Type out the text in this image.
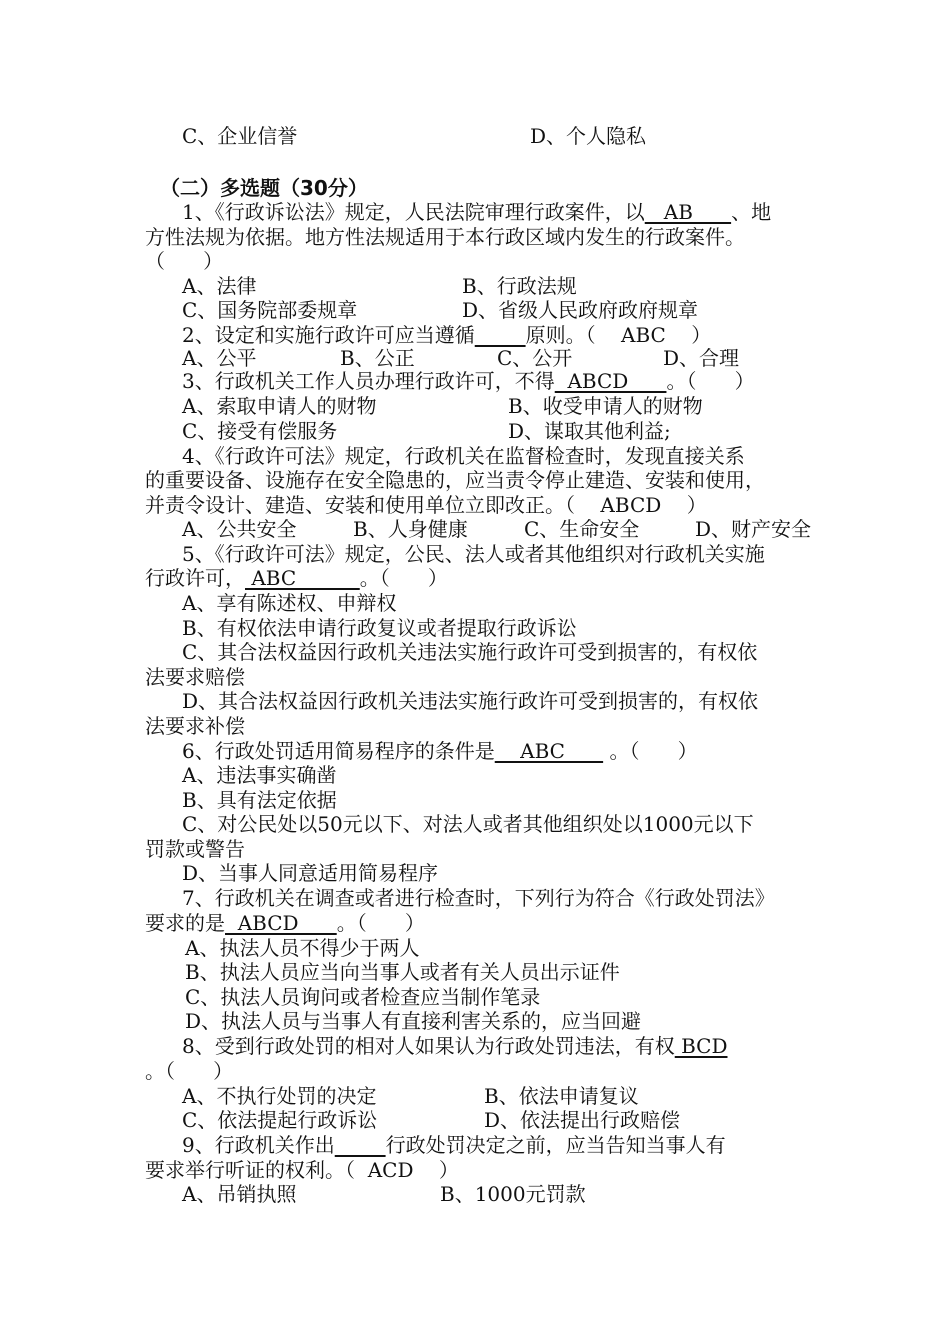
C、企业信誉	D、个人隐私
（二）多选题（30分）
1、《行政诉讼法》规定，人民法院审理行政案件，以   AB      、地
方性法规为依据。地方性法规适用于本行政区域内发生的行政案件。
（      ）
A、法律	B、行政法规
C、国务院部委规章	D、省级人民政府政府规章
2、设定和实施行政许可应当遵循	原则。（    ABC    ）
A、公平	B、公正	C、公开	D、合理
3、行政机关工作人员办理行政许可，不得  ABCD      。（      ）
A、索取申请人的财物	B、收受申请人的财物
C、接受有偿服务	D、谋取其他利益;
4、《行政许可法》规定，行政机关在监督检查时，发现直接关系
的重要设备、设施存在安全隐患的，应当责令停止建造、安装和使用，
并责令设计、建造、安装和使用单位立即改正。（    ABCD    ）
A、公共安全	B、人身健康	C、生命安全	D、财产安全
5、《行政许可法》规定，公民、法人或者其他组织对行政机关实施
行政许可， ABC          。（      ）
A、享有陈述权、申辩权
B、有权依法申请行政复议或者提取行政诉讼
C、其合法权益因行政机关违法实施行政许可受到损害的，有权依
法要求赔偿
D、其合法权益因行政机关违法实施行政许可受到损害的，有权依
法要求补偿
6、行政处罚适用简易程序的条件是    ABC       。（      ）
A、违法事实确凿
B、具有法定依据
C、对公民处以50元以下、对法人或者其他组织处以1000元以下
罚款或警告
D、当事人同意适用简易程序
7、行政机关在调查或者进行检查时，下列行为符合《行政处罚法》
要求的是  ABCD      。（      ）
A、执法人员不得少于两人
B、执法人员应当向当事人或者有关人员出示证件
C、执法人员询问或者检查应当制作笔录
D、执法人员与当事人有直接利害关系的，应当回避
8、受到行政处罚的相对人如果认为行政处罚违法，有权 BCD
。（      ）
A、不执行处罚的决定	B、依法申请复议
C、依法提起行政诉讼	D、依法提出行政赔偿
9、行政机关作出	行政处罚决定之前，应当告知当事人有
要求举行听证的权利。（  ACD    ）
A、吊销执照	B、1000元罚款
